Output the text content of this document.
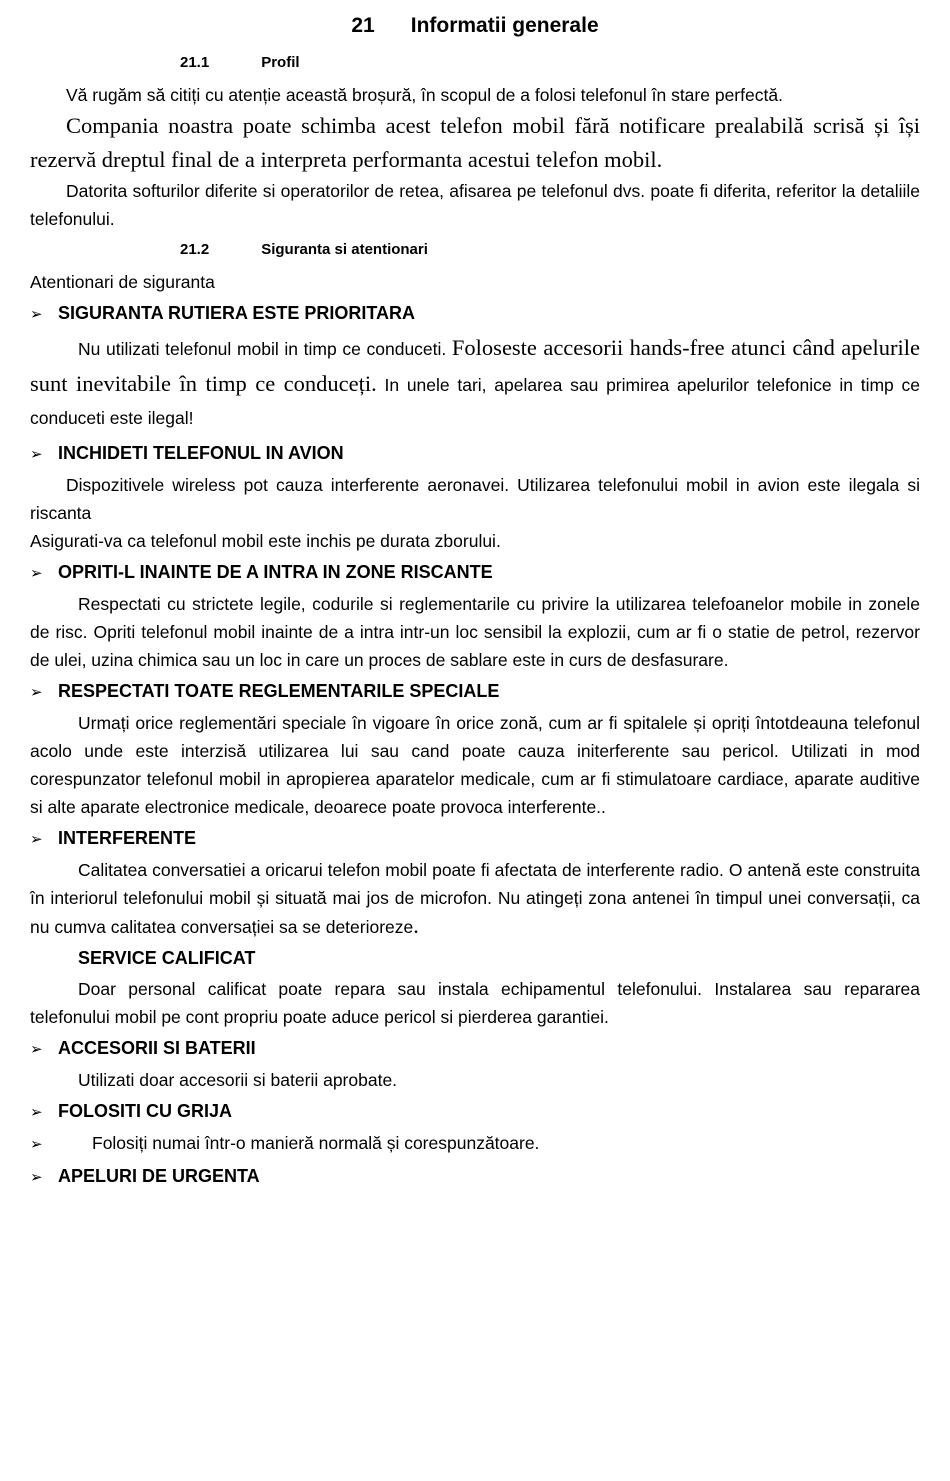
21 Informatii generale
21.1	Profil

Vă rugăm să citiți cu atenție această broșură, în scopul de a folosi telefonul în stare perfectă.

Compania noastra poate schimba acest telefon mobil fără notificare prealabilă scrisă și își rezervă dreptul final de a interpreta performanta acestui telefon mobil.

Datorita softurilor diferite si operatorilor de retea, afisarea pe telefonul dvs. poate fi diferita, referitor la detaliile telefonului.

21.2	Siguranta si atentionari

Atentionari de siguranta

➢ SIGURANTA RUTIERA ESTE PRIORITARA

Nu utilizati telefonul mobil in timp ce conduceti. Foloseste accesorii hands-free atunci când apelurile sunt inevitabile în timp ce conduceți. In unele tari, apelarea sau primirea apelurilor telefonice in timp ce conduceti este ilegal!

➢ INCHIDETI TELEFONUL IN AVION

Dispozitivele wireless pot cauza interferente aeronavei. Utilizarea telefonului mobil in avion este ilegala si riscanta

Asigurati-va ca telefonul mobil este inchis pe durata zborului.

➢ OPRITI-L INAINTE DE A INTRA IN ZONE RISCANTE

Respectati cu strictete legile, codurile si reglementarile cu privire la utilizarea telefoanelor mobile in zonele de risc. Opriti telefonul mobil inainte de a intra intr-un loc sensibil la explozii, cum ar fi o statie de petrol, rezervor de ulei, uzina chimica sau un loc in care un proces de sablare este in curs de desfasurare.

➢ RESPECTATI TOATE REGLEMENTARILE SPECIALE

Urmați orice reglementări speciale în vigoare în orice zonă, cum ar fi spitalele și opriți întotdeauna telefonul acolo unde este interzisă utilizarea lui sau cand poate cauza initerferente sau pericol. Utilizati in mod corespunzator telefonul mobil in apropierea aparatelor medicale, cum ar fi stimulatoare cardiace, aparate auditive si alte aparate electronice medicale, deoarece poate provoca interferente..

➢ INTERFERENTE

Calitatea conversatiei a oricarui telefon mobil poate fi afectata de interferente radio. O antenă este construita în interiorul telefonului mobil și situată mai jos de microfon. Nu atingeți zona antenei în timpul unei conversații, ca nu cumva calitatea conversației sa se deterioreze.

SERVICE CALIFICAT

Doar personal calificat poate repara sau instala echipamentul telefonului. Instalarea sau repararea telefonului mobil pe cont propriu poate aduce pericol si pierderea garantiei.

➢ ACCESORII SI BATERII

Utilizati doar accesorii si baterii aprobate.

➢ FOLOSITI CU GRIJA
➢	Folosiți numai într-o manieră normală și corespunzătoare.
➢ APELURI DE URGENTA
